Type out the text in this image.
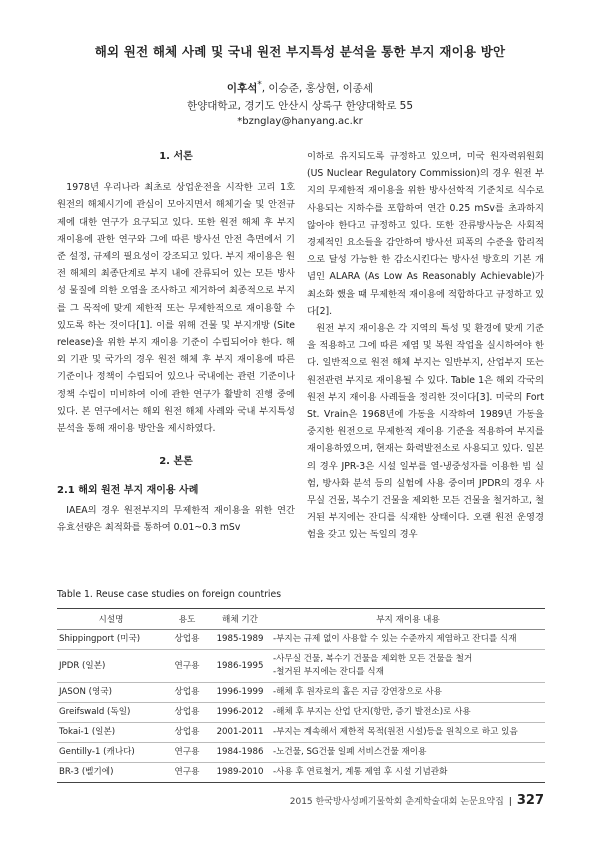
해외 원전 해체 사례 및 국내 원전 부지특성 분석을 통한 부지 재이용 방안
이후석*, 이승준, 홍상현, 이종세
한양대학교, 경기도 안산시 상록구 한양대학로 55
*bznglay@hanyang.ac.kr
1. 서론

1978년 우리나라 최초로 상업운전을 시작한 고리 1호 원전의 해체시기에 관심이 모아지면서 해체기술 및 안전규제에 대한 연구가 요구되고 있다. 또한 원전 해체 후 부지 재이용에 관한 연구와 그에 따른 방사선 안전 측면에서 기준 설정, 규제의 필요성이 강조되고 있다. 부지 재이용은 원전 해체의 최종단계로 부지 내에 잔류되어 있는 모든 방사성 물질에 의한 오염을 조사하고 제거하여 최종적으로 부지를 그 목적에 맞게 제한적 또는 무제한적으로 재이용할 수 있도록 하는 것이다[1]. 이를 위해 건물 및 부지개방 (Site release)을 위한 부지 재이용 기준이 수립되어야 한다. 해외 기관 및 국가의 경우 원전 해체 후 부지 재이용에 따른 기준이나 정책이 수립되어 있으나 국내에는 관련 기준이나 정책 수립이 미비하여 이에 관한 연구가 활발히 진행 중에 있다. 본 연구에서는 해외 원전 해체 사례와 국내 부지특성 분석을 통해 재이용 방안을 제시하였다.

2. 본론
2.1 해외 원전 부지 재이용 사례

IAEA의 경우 원전부지의 무제한적 재이용을 위한 연간 유효선량은 최적화를 통하여 0.01~0.3 mSv

이하로 유지되도록 규정하고 있으며, 미국 원자력위원회(US Nuclear Regulatory Commission)의 경우 원전 부지의 무제한적 재이용을 위한 방사선학적 기준치로 식수로 사용되는 지하수를 포함하여 연간 0.25 mSv를 초과하지 않아야 한다고 규정하고 있다. 또한 잔류방사능은 사회적 경제적인 요소들을 감안하여 방사선 피폭의 수준을 합리적으로 달성 가능한 한 감소시킨다는 방사선 방호의 기본 개념인 ALARA (As Low As Reasonably Achievable)가 최소화 했을 때 무제한적 재이용에 적합하다고 규정하고 있다[2].

원전 부지 재이용은 각 지역의 특성 및 환경에 맞게 기준을 적용하고 그에 따른 제염 및 복원 작업을 실시하여야 한다. 일반적으로 원전 해체 부지는 일반부지, 산업부지 또는 원전관련 부지로 재이용될 수 있다. Table 1은 해외 각국의 원전 부지 재이용 사례들을 정리한 것이다[3]. 미국의 Fort St. Vrain은 1968년에 가동을 시작하여 1989년 가동을 중지한 원전으로 무제한적 재이용 기준을 적용하여 부지를 재이용하였으며, 현재는 화력발전소로 사용되고 있다. 일본의 경우 JPR-3은 시설 일부를 열-냉중성자를 이용한 빔 실험, 방사화 분석 등의 실험에 사용 중이며 JPDR의 경우 사무실 건물, 복수기 건물을 제외한 모든 건물을 철거하고, 철거된 부지에는 잔디를 식재한 상태이다. 오랜 원전 운영경험을 갖고 있는 독일의 경우

Table 1. Reuse case studies on foreign countries
시설명	용도	해체 기간	부지 재이용 내용
Shippingport (미국)	상업용	1985-1989	-부지는 규제 없이 사용할 수 있는 수준까지 제염하고 잔디를 식재
JPDR (일본)	연구용	1986-1995	-사무실 건물, 복수기 건물을 제외한 모든 건물을 철거
-철거된 부지에는 잔디를 식재

JASON (영국)	상업용	1996-1999	-해체 후 원자로의 홀은 지금 강연장으로 사용
Greifswald (독일)	상업용	1996-2012	-해체 후 부지는 산업 단지(항만, 증기 발전소)로 사용
Tokai-1 (일본)	상업용	2001-2011	-부지는 계속해서 제한적 목적(원전 시설)등을 원칙으로 하고 있음
Gentilly-1 (캐나다)	연구용	1984-1986	-노건물, SG건물 일폐 서비스건물 재이용
BR-3 (벨기에)	연구용	1989-2010	-사용 후 연료철거, 계통 제염 후 시설 기념관화
2015 한국방사성폐기물학회 춘계학술대회 논문요약집 | 327
